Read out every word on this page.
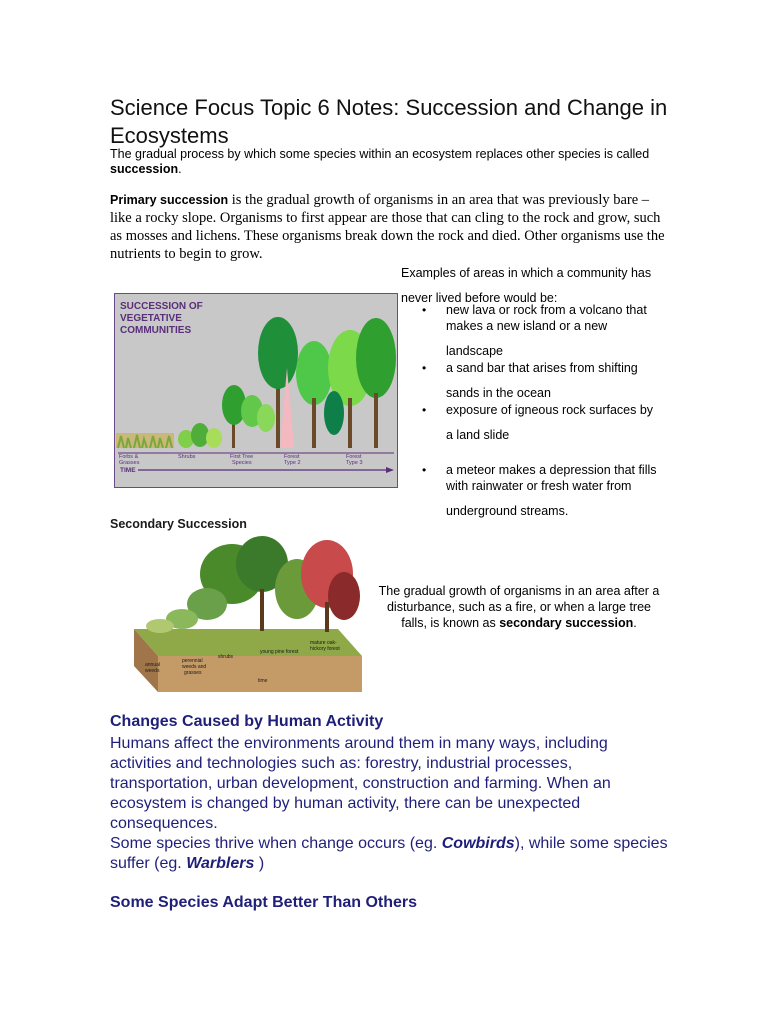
Science Focus Topic 6 Notes: Succession and Change in Ecosystems
The gradual process by which some species within an ecosystem replaces other species is called
succession.
Primary succession is the gradual growth of organisms in an area that was previously bare – like a rocky slope. Organisms to first appear are those that can cling to the rock and grow, such as mosses and lichens. These organisms break down the rock and died. Other organisms use the nutrients to begin to grow.
SUCCESSION OF
VEGETATIVE
COMMUNITIES
Forbs &
Grasses
Shrubs	First Tree
Species
Forest
Type 2
Forest
Type 3
TIME
Examples of areas in which a community has never lived before would be:
• new lava or rock from a volcano that
makes a new island or a new
landscape
• a sand bar that arises from shifting
sands in the ocean
• exposure of igneous rock surfaces by
a land slide
• a meteor makes a depression that fills
with rainwater or fresh water from
underground streams.
Secondary Succession
annual
weeds
perennial
weeds and
grasses
shrubs
young pine forest
mature oak-
hickory forest
time
The gradual growth of organisms in an area after a disturbance, such as a fire, or when a large tree falls, is known as secondary succession.
Changes Caused by Human Activity
Humans affect the environments around them in many ways, including activities and technologies such as: forestry, industrial processes, transportation, urban development, construction and farming. When an ecosystem is changed by human activity, there can be unexpected consequences.
Some species thrive when change occurs (eg. Cowbirds), while some species suffer (eg. Warblers )
Some Species Adapt Better Than Others
